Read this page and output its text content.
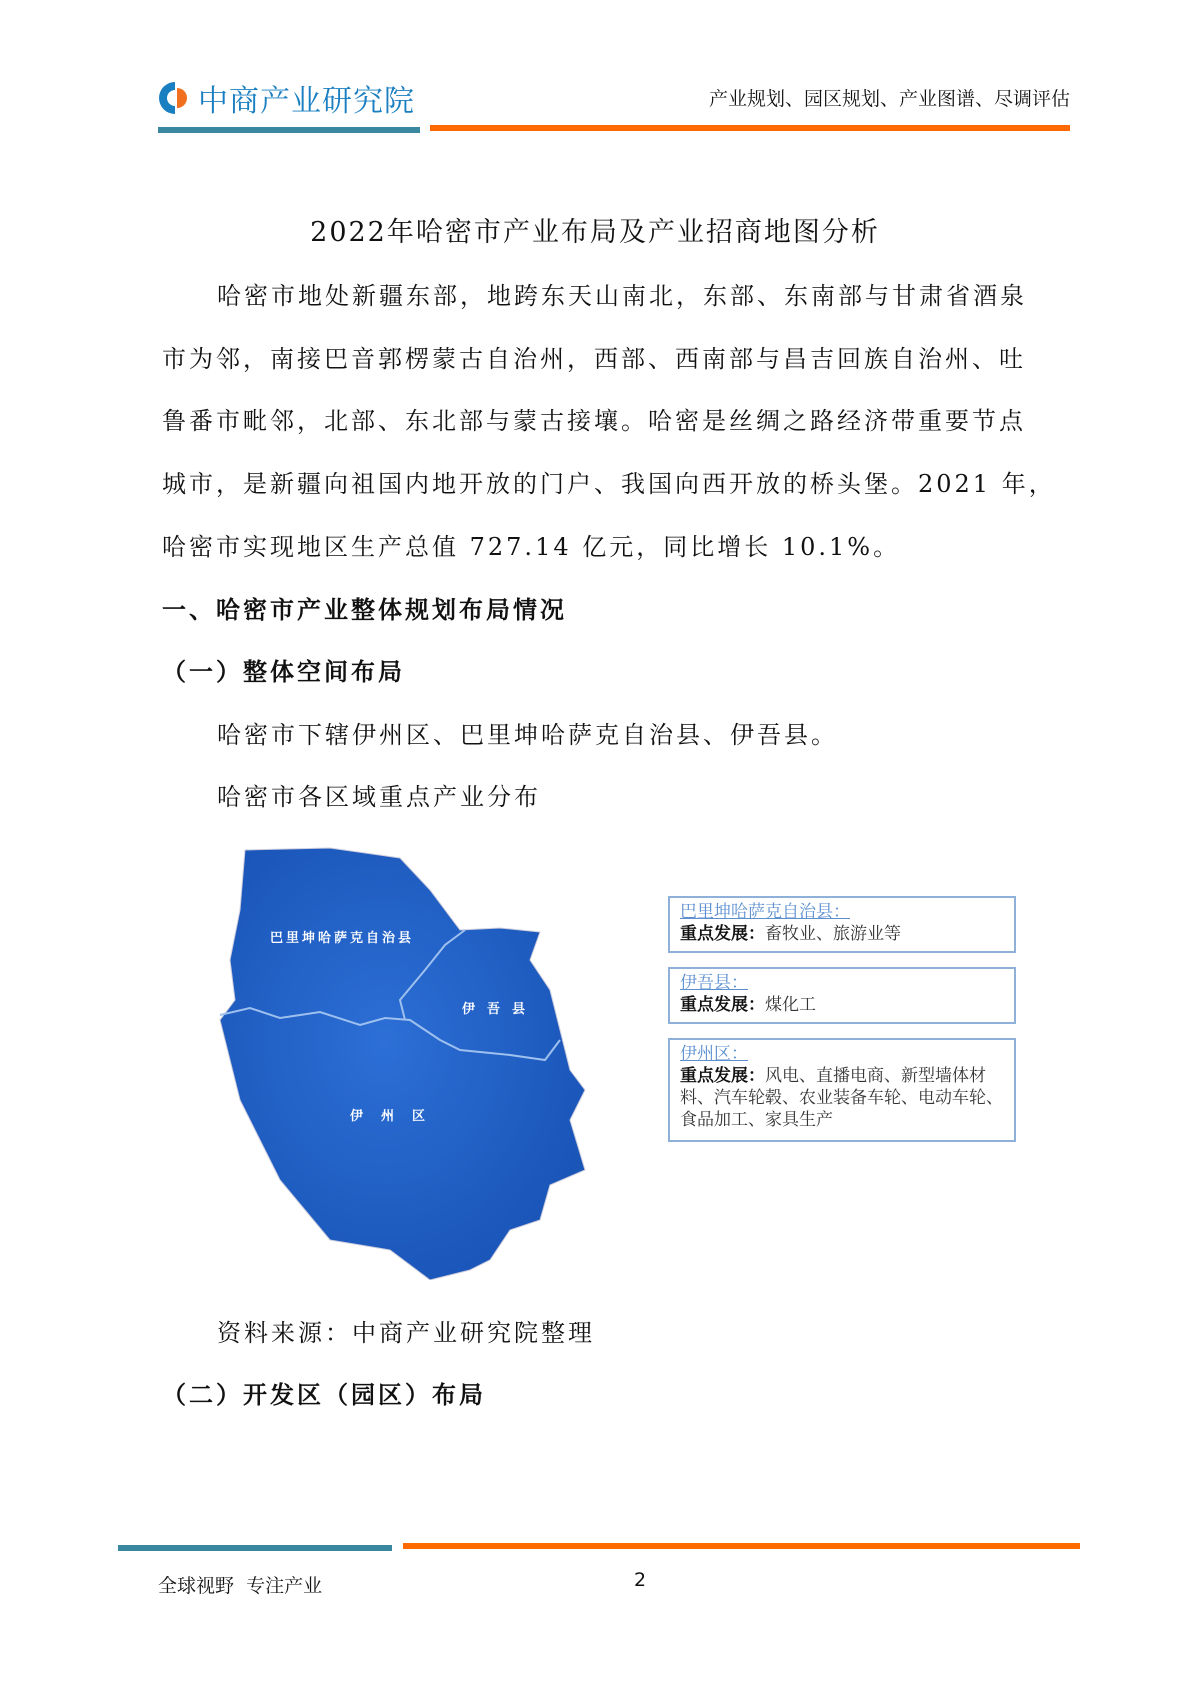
中商产业研究院	产业规划、园区规划、产业图谱、尽调评估
2022年哈密市产业布局及产业招商地图分析
哈密市地处新疆东部，地跨东天山南北，东部、东南部与甘肃省酒泉
市为邻，南接巴音郭楞蒙古自治州，西部、西南部与昌吉回族自治州、吐
鲁番市毗邻，北部、东北部与蒙古接壤。哈密是丝绸之路经济带重要节点
城市，是新疆向祖国内地开放的门户、我国向西开放的桥头堡。2021 年，
哈密市实现地区生产总值 727.14 亿元，同比增长 10.1%。
一、哈密市产业整体规划布局情况
（一）整体空间布局
哈密市下辖伊州区、巴里坤哈萨克自治县、伊吾县。
哈密市各区域重点产业分布
巴里坤哈萨克自治县
伊吾县
伊州区
巴里坤哈萨克自治县：
重点发展：畜牧业、旅游业等
伊吾县：
重点发展：煤化工
伊州区：
重点发展：风电、直播电商、新型墙体材料、汽车轮毂、农业装备车轮、电动车轮、食品加工、家具生产
资料来源：中商产业研究院整理
（二）开发区（园区）布局
全球视野  专注产业	2
